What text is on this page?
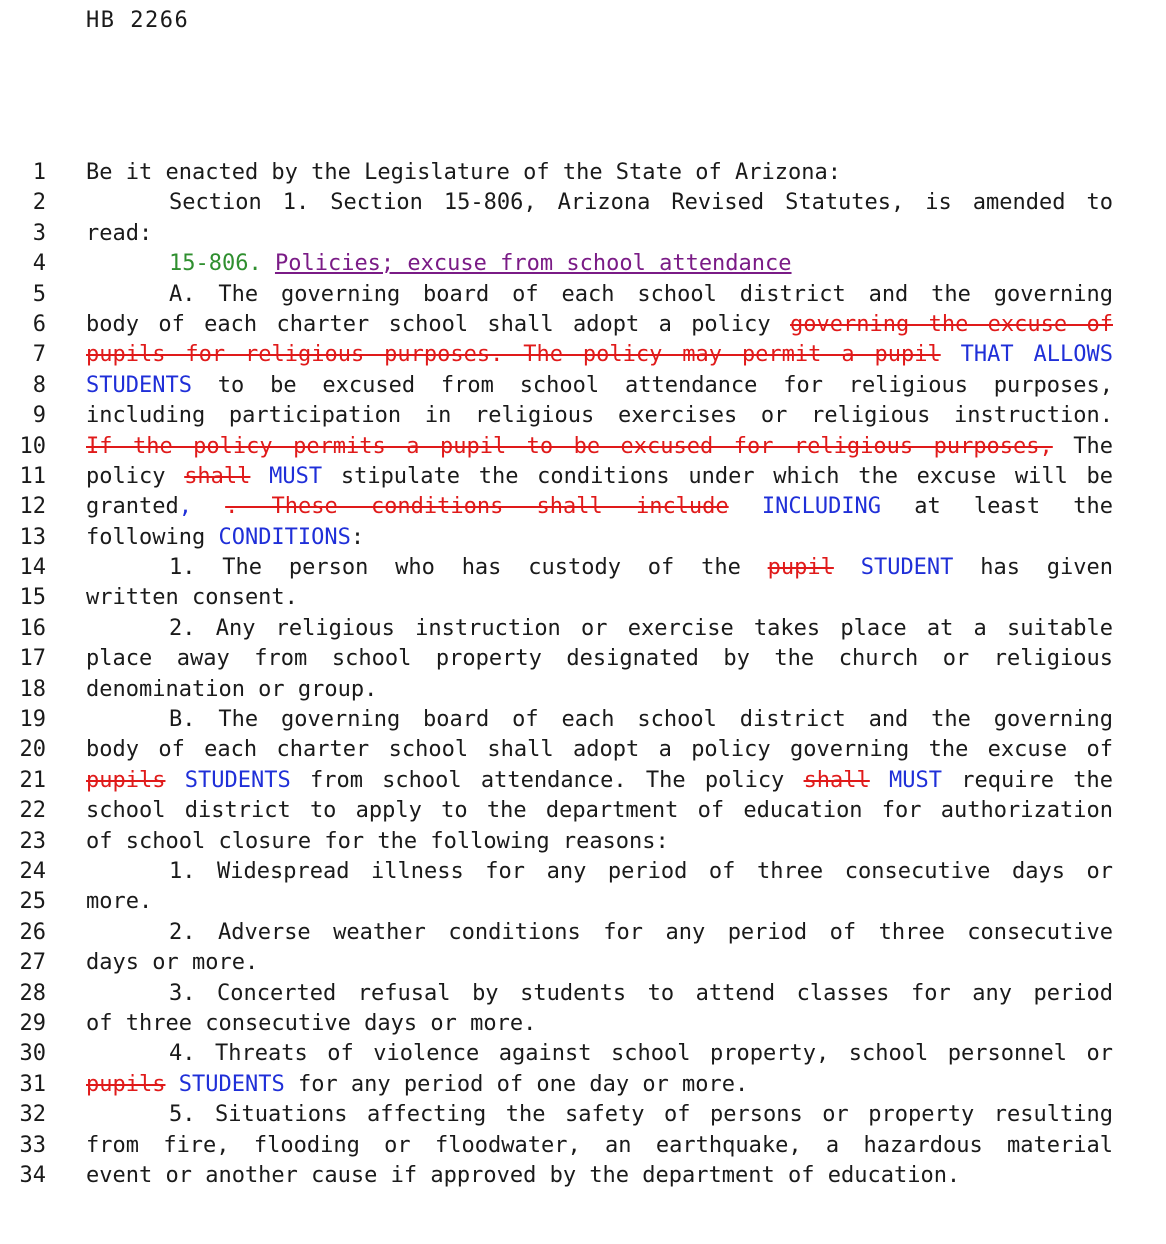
HB 2266
1 Be it enacted by the Legislature of the State of Arizona:
2	Section 1. Section 15-806, Arizona Revised Statutes, is amended to
3 read:
4	15-806. Policies; excuse from school attendance
5	A. The governing board of each school district and the governing
6 body of each charter school shall adopt a policy governing the excuse of
7 pupils for religious purposes. The policy may permit a pupil THAT ALLOWS
8 STUDENTS to be excused from school attendance for religious purposes,
9 including participation in religious exercises or religious instruction.
10 If the policy permits a pupil to be excused for religious purposes, The
11 policy shall MUST stipulate the conditions under which the excuse will be
12 granted, . These conditions shall include INCLUDING at least the
13 following CONDITIONS:
14	1. The person who has custody of the pupil STUDENT has given
15 written consent.
16	2. Any religious instruction or exercise takes place at a suitable
17 place away from school property designated by the church or religious
18 denomination or group.
19	B. The governing board of each school district and the governing
20 body of each charter school shall adopt a policy governing the excuse of
21 pupils STUDENTS from school attendance. The policy shall MUST require the
22 school district to apply to the department of education for authorization
23 of school closure for the following reasons:
24	1. Widespread illness for any period of three consecutive days or
25 more.
26	2. Adverse weather conditions for any period of three consecutive
27 days or more.
28	3. Concerted refusal by students to attend classes for any period
29 of three consecutive days or more.
30	4. Threats of violence against school property, school personnel or
31 pupils STUDENTS for any period of one day or more.
32	5. Situations affecting the safety of persons or property resulting
33 from fire, flooding or floodwater, an earthquake, a hazardous material
34 event or another cause if approved by the department of education.
